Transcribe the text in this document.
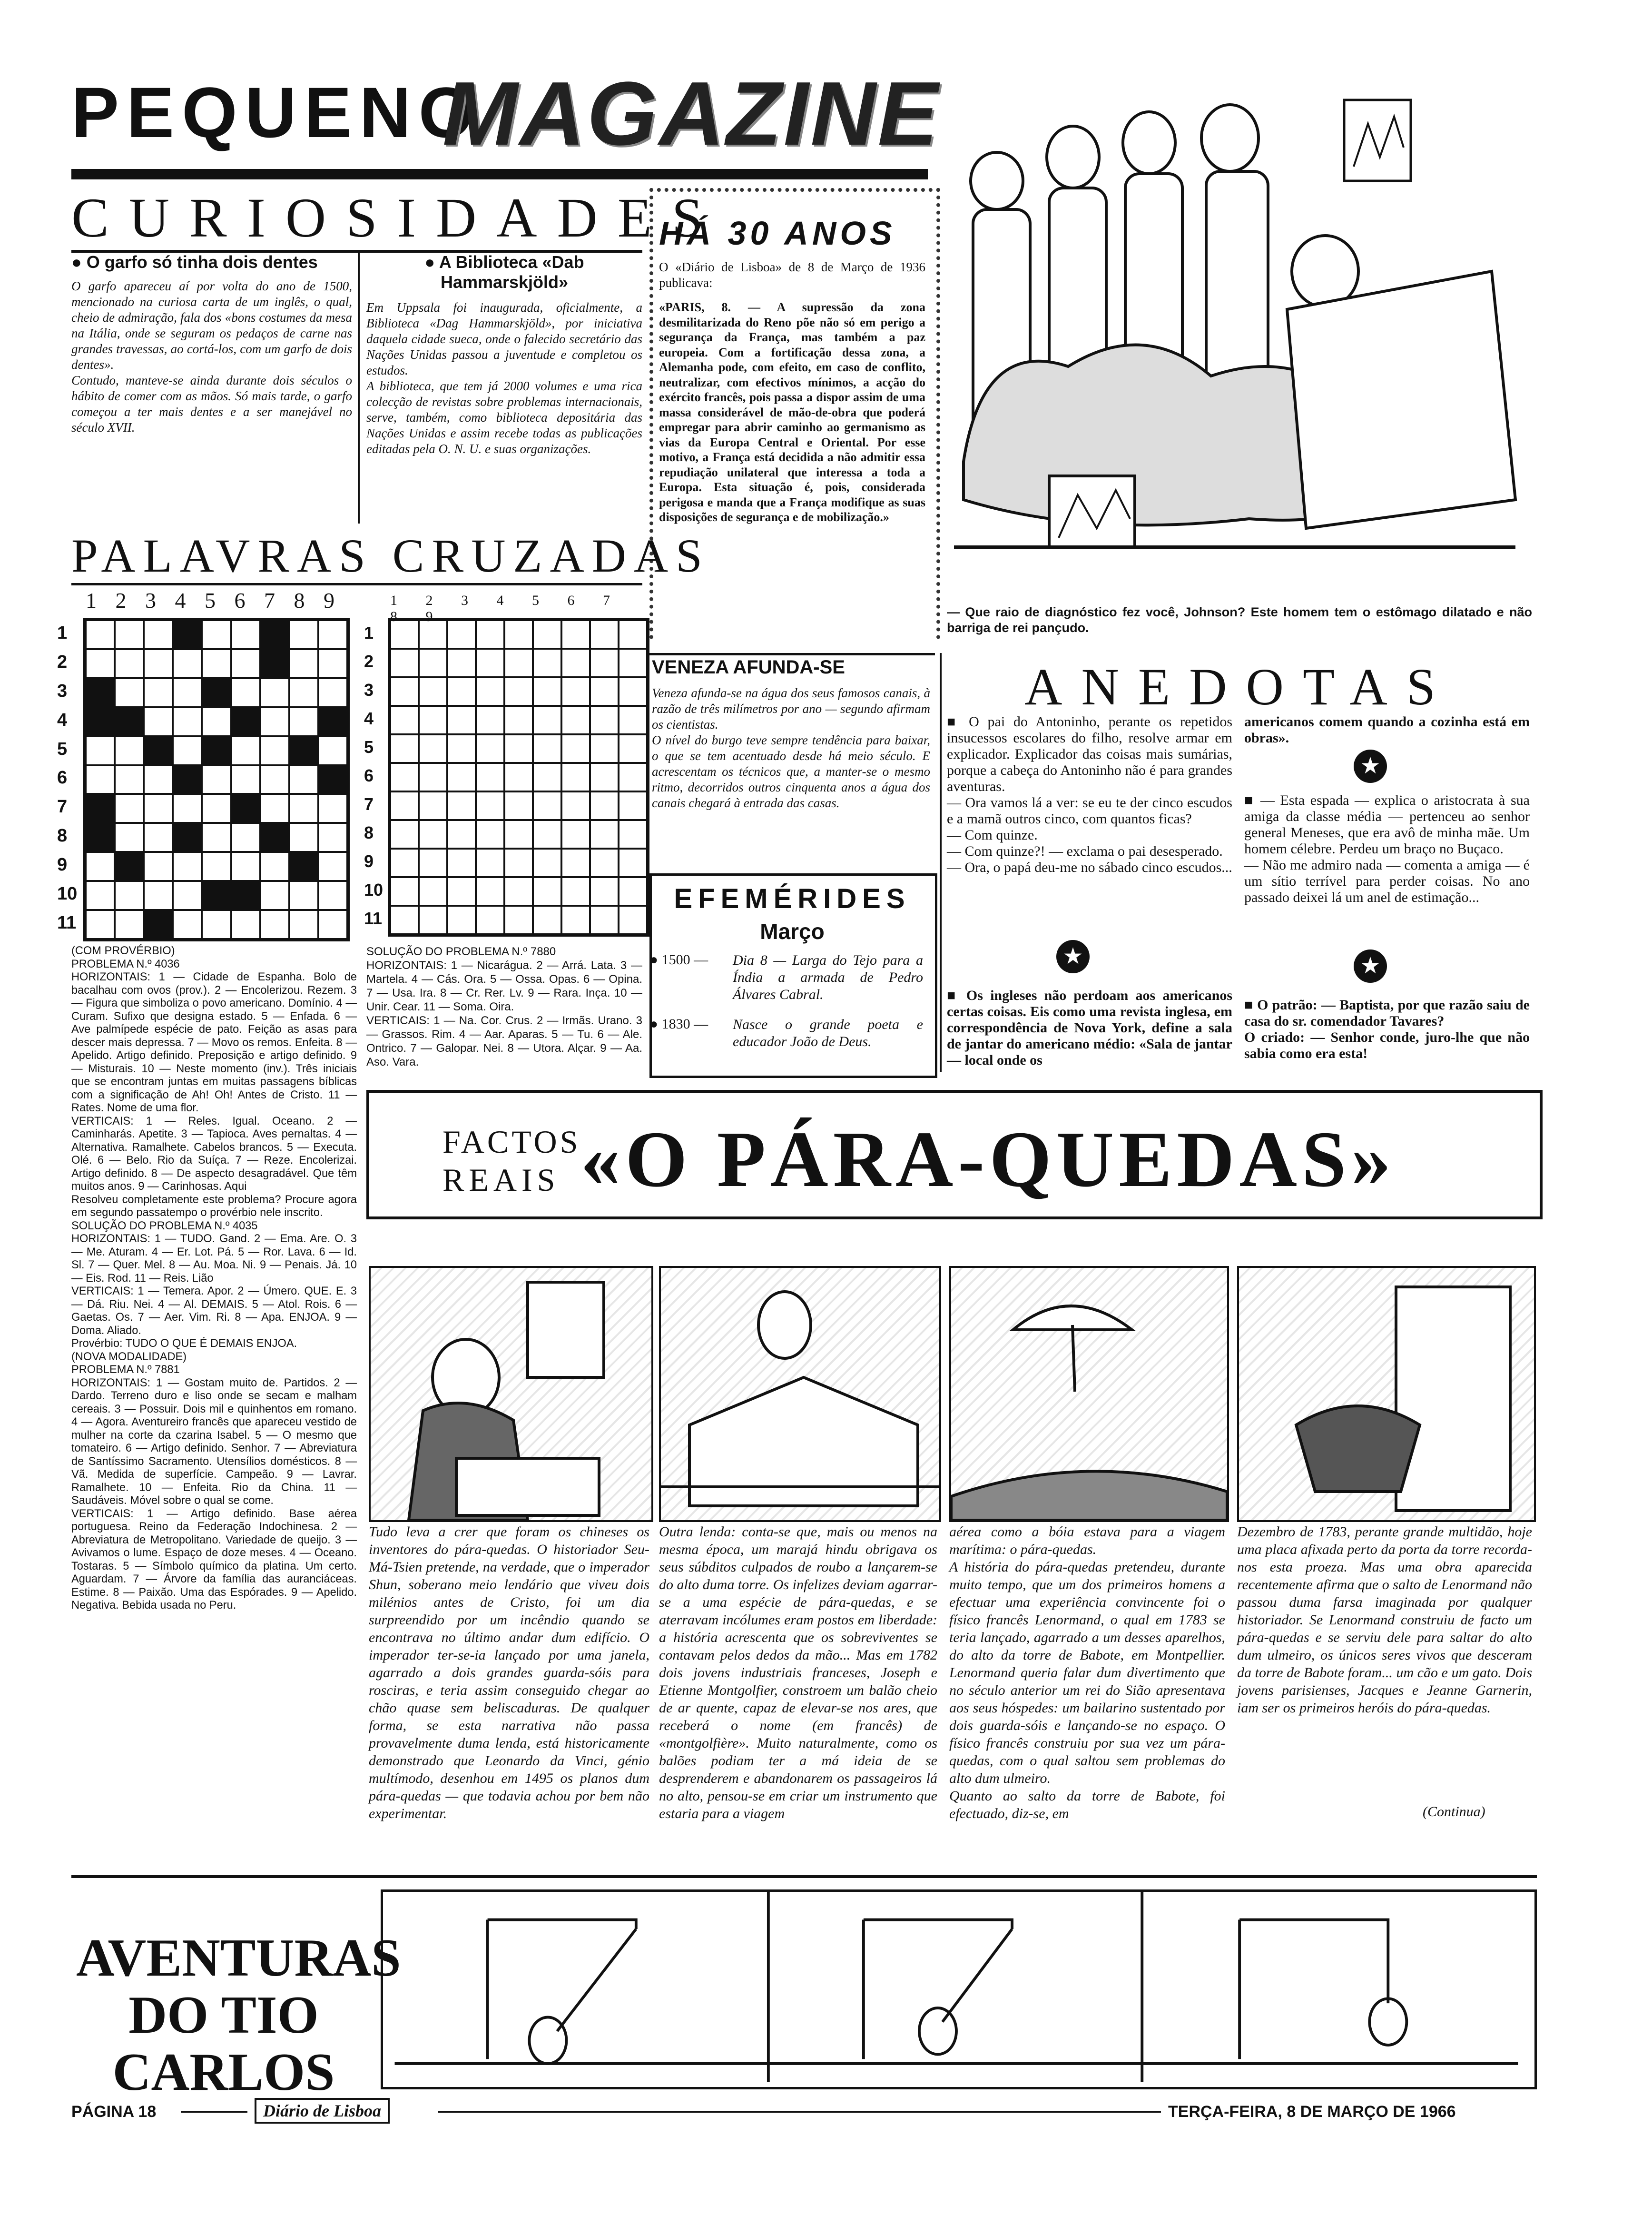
PEQUENO
MAGAZINE
CURIOSIDADES
● O garfo só tinha dois dentes
O garfo apareceu aí por volta do ano de 1500, mencionado na curiosa carta de um inglês, o qual, cheio de admiração, fala dos «bons costumes da mesa na Itália, onde se seguram os pedaços de carne nas grandes travessas, ao cortá-los, com um garfo de dois dentes».
Contudo, manteve-se ainda durante dois séculos o hábito de comer com as mãos. Só mais tarde, o garfo começou a ter mais dentes e a ser manejável no século XVII.
● A Biblioteca «Dab Hammarskjöld»
Em Uppsala foi inaugurada, oficialmente, a Biblioteca «Dag Hammarskjöld», por iniciativa daquela cidade sueca, onde o falecido secretário das Nações Unidas passou a juventude e completou os estudos.
A biblioteca, que tem já 2000 volumes e uma rica colecção de revistas sobre problemas internacionais, serve, também, como biblioteca depositária das Nações Unidas e assim recebe todas as publicações editadas pela O. N. U. e suas organizações.
HÁ 30 ANOS
O «Diário de Lisboa» de 8 de Março de 1936 publicava:
«PARIS, 8. — A supressão da zona desmilitarizada do Reno põe não só em perigo a segurança da França, mas também a paz europeia. Com a fortificação dessa zona, a Alemanha pode, com efeito, em caso de conflito, neutralizar, com efectivos mínimos, a acção do exército francês, pois passa a dispor assim de uma massa considerável de mão-de-obra que poderá empregar para abrir caminho ao germanismo as vias da Europa Central e Oriental. Por esse motivo, a França está decidida a não admitir essa repudiação unilateral que interessa a toda a Europa. Esta situação é, pois, considerada perigosa e manda que a França modifique as suas disposições de segurança e de mobilização.»
— Que raio de diagnóstico fez você, Johnson? Este homem tem o estômago dilatado e não barriga de rei pançudo.
PALAVRAS CRUZADAS
1 2 3 4 5 6 7 8 9
1
2
3
4
5
6
7
8
9
10
11
1 2 3 4 5 6 7 8 9
1
2
3
4
5
6
7
8
9
10
11
(COM PROVÉRBIO)
PROBLEMA N.º 4036
HORIZONTAIS: 1 — Cidade de Espanha. Bolo de bacalhau com ovos (prov.). 2 — Encolerizou. Rezem. 3 — Figura que simboliza o povo americano. Domínio. 4 — Curam. Sufixo que designa estado. 5 — Enfada. 6 — Ave palmípede espécie de pato. Feição as asas para descer mais depressa. 7 — Movo os remos. Enfeita. 8 — Apelido. Artigo definido. Preposição e artigo definido. 9 — Misturais. 10 — Neste momento (inv.). Três iniciais que se encontram juntas em muitas passagens bíblicas com a significação de Ah! Oh! Antes de Cristo. 11 — Rates. Nome de uma flor.
VERTICAIS: 1 — Reles. Igual. Oceano. 2 — Caminharás. Apetite. 3 — Tapioca. Aves pernaltas. 4 — Alternativa. Ramalhete. Cabelos brancos. 5 — Executa. Olé. 6 — Belo. Rio da Suíça. 7 — Reze. Encolerizai. Artigo definido. 8 — De aspecto desagradável. Que têm muitos anos. 9 — Carinhosas. Aqui
Resolveu completamente este problema? Procure agora em segundo passatempo o provérbio nele inscrito.
SOLUÇÃO DO PROBLEMA N.º 4035
HORIZONTAIS: 1 — TUDO. Gand. 2 — Ema. Are. O. 3 — Me. Aturam. 4 — Er. Lot. Pá. 5 — Ror. Lava. 6 — Id. Sl. 7 — Quer. Mel. 8 — Au. Moa. Ni. 9 — Penais. Já. 10 — Eis. Rod. 11 — Reis. Lião
VERTICAIS: 1 — Temera. Apor. 2 — Úmero. QUE. E. 3 — Dá. Riu. Nei. 4 — Al. DEMAIS. 5 — Atol. Rois. 6 — Gaetas. Os. 7 — Aer. Vim. Ri. 8 — Apa. ENJOA. 9 — Doma. Aliado.
Provérbio: TUDO O QUE É DEMAIS ENJOA.
(NOVA MODALIDADE)
PROBLEMA N.º 7881
HORIZONTAIS: 1 — Gostam muito de. Partidos. 2 — Dardo. Terreno duro e liso onde se secam e malham cereais. 3 — Possuir. Dois mil e quinhentos em romano. 4 — Agora. Aventureiro francês que apareceu vestido de mulher na corte da czarina Isabel. 5 — O mesmo que tomateiro. 6 — Artigo definido. Senhor. 7 — Abreviatura de Santíssimo Sacramento. Utensílios domésticos. 8 — Vã. Medida de superfície. Campeão. 9 — Lavrar. Ramalhete. 10 — Enfeita. Rio da China. 11 — Saudáveis. Móvel sobre o qual se come.
VERTICAIS: 1 — Artigo definido. Base aérea portuguesa. Reino da Federação Indochinesa. 2 — Abreviatura de Metropolitano. Variedade de queijo. 3 — Avivamos o lume. Espaço de doze meses. 4 — Oceano. Tostaras. 5 — Símbolo químico da platina. Um certo. Aguardam. 7 — Árvore da família das auranciáceas. Estime. 8 — Paixão. Uma das Espórades. 9 — Apelido. Negativa. Bebida usada no Peru.
SOLUÇÃO DO PROBLEMA N.º 7880
HORIZONTAIS: 1 — Nicarágua. 2 — Arrá. Lata. 3 — Martela. 4 — Cás. Ora. 5 — Ossa. Opas. 6 — Opina. 7 — Usa. Ira. 8 — Cr. Rer. Lv. 9 — Rara. Inça. 10 — Unir. Cear. 11 — Soma. Oira.
VERTICAIS: 1 — Na. Cor. Crus. 2 — Irmãs. Urano. 3 — Grassos. Rim. 4 — Aar. Aparas. 5 — Tu. 6 — Ale. Ontrico. 7 — Galopar. Nei. 8 — Utora. Alçar. 9 — Aa. Aso. Vara.
VENEZA AFUNDA-SE
Veneza afunda-se na água dos seus famosos canais, à razão de três milímetros por ano — segundo afirmam os cientistas.
O nível do burgo teve sempre tendência para baixar, o que se tem acentuado desde há meio século. E acrescentam os técnicos que, a manter-se o mesmo ritmo, decorridos outros cinquenta anos a água dos canais chegará à entrada das casas.
EFEMÉRIDES
Março
● 1500 —	Dia 8 — Larga do Tejo para a Índia a armada de Pedro Álvares Cabral.
● 1830 —	Nasce o grande poeta e educador João de Deus.
ANEDOTAS
■ O pai do Antoninho, perante os repetidos insucessos escolares do filho, resolve armar em explicador. Explicador das coisas mais sumárias, porque a cabeça do Antoninho não é para grandes aventuras.
— Ora vamos lá a ver: se eu te der cinco escudos e a mamã outros cinco, com quantos ficas?
— Com quinze.
— Com quinze?! — exclama o pai desesperado.
— Ora, o papá deu-me no sábado cinco escudos...
★
■ Os ingleses não perdoam aos americanos certas coisas. Eis como uma revista inglesa, em correspondência de Nova York, define a sala de jantar do americano médio: «Sala de jantar — local onde os
americanos comem quando a cozinha está em obras».
★
■ — Esta espada — explica o aristocrata à sua amiga da classe média — pertenceu ao senhor general Meneses, que era avô de minha mãe. Um homem célebre. Perdeu um braço no Buçaco.
— Não me admiro nada — comenta a amiga — é um sítio terrível para perder coisas. No ano passado deixei lá um anel de estimação...
★
■ O patrão: — Baptista, por que razão saiu de casa do sr. comendador Tavares?
O criado: — Senhor conde, juro-lhe que não sabia como era esta!
FACTOS
REAIS «O PÁRA-QUEDAS»
Tudo leva a crer que foram os chineses os inventores do pára-quedas. O historiador Seu-Má-Tsien pretende, na verdade, que o imperador Shun, soberano meio lendário que viveu dois milénios antes de Cristo, foi um dia surpreendido por um incêndio quando se encontrava no último andar dum edifício. O imperador ter-se-ia lançado por uma janela, agarrado a dois grandes guarda-sóis para rosciras, e teria assim conseguido chegar ao chão quase sem beliscaduras. De qualquer forma, se esta narrativa não passa provavelmente duma lenda, está historicamente demonstrado que Leonardo da Vinci, génio multímodo, desenhou em 1495 os planos dum pára-quedas — que todavia achou por bem não experimentar.
Outra lenda: conta-se que, mais ou menos na mesma época, um marajá hindu obrigava os seus súbditos culpados de roubo a lançarem-se do alto duma torre. Os infelizes deviam agarrar-se a uma espécie de pára-quedas, e se aterravam incólumes eram postos em liberdade: a história acrescenta que os sobreviventes se contavam pelos dedos da mão... Mas em 1782 dois jovens industriais franceses, Joseph e Etienne Montgolfier, constroem um balão cheio de ar quente, capaz de elevar-se nos ares, que receberá o nome (em francês) de «montgolfière». Muito naturalmente, como os balões podiam ter a má ideia de se desprenderem e abandonarem os passageiros lá no alto, pensou-se em criar um instrumento que estaria para a viagem
aérea como a bóia estava para a viagem marítima: o pára-quedas.
A história do pára-quedas pretendeu, durante muito tempo, que um dos primeiros homens a efectuar uma experiência convincente foi o físico francês Lenormand, o qual em 1783 se teria lançado, agarrado a um desses aparelhos, do alto da torre de Babote, em Montpellier. Lenormand queria falar dum divertimento que no século anterior um rei do Sião apresentava aos seus hóspedes: um bailarino sustentado por dois guarda-sóis e lançando-se no espaço. O físico francês construiu por sua vez um pára-quedas, com o qual saltou sem problemas do alto dum ulmeiro.
Quanto ao salto da torre de Babote, foi efectuado, diz-se, em
Dezembro de 1783, perante grande multidão, hoje uma placa afixada perto da porta da torre recorda-nos esta proeza. Mas uma obra aparecida recentemente afirma que o salto de Lenormand não passou duma farsa imaginada por qualquer historiador. Se Lenormand construiu de facto um pára-quedas e se serviu dele para saltar do alto dum ulmeiro, os únicos seres vivos que desceram da torre de Babote foram... um cão e um gato. Dois jovens parisienses, Jacques e Jeanne Garnerin, iam ser os primeiros heróis do pára-quedas.
(Continua)
AVENTURAS
DO TIO
CARLOS
PÁGINA 18	Diário de Lisboa	TERÇA-FEIRA, 8 DE MARÇO DE 1966
